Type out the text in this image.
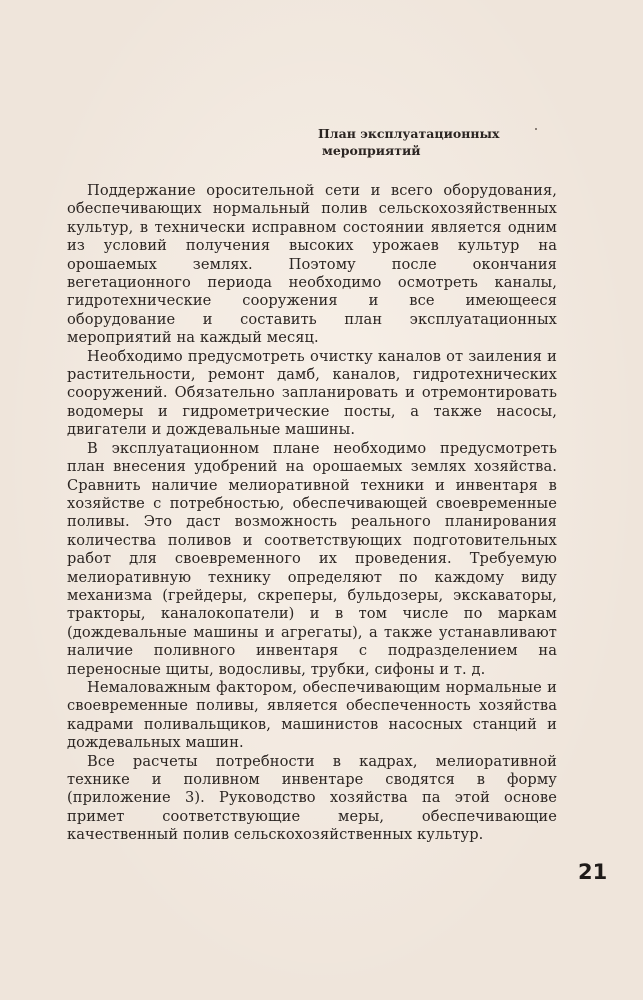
План эксплуатационных
мероприятий

Поддержание оросительной сети и всего оборудования, обеспечивающих нормальный полив сельскохозяйственных культур, в технически исправном состоянии является одним из условий получения высоких урожаев культур на орошаемых землях. Поэтому после окончания вегетационного периода необходимо осмотреть каналы, гидротехнические сооружения и все имеющееся оборудование и составить план эксплуатационных мероприятий на каждый месяц.

Необходимо предусмотреть очистку каналов от заиления и растительности, ремонт дамб, каналов, гидротехнических сооружений. Обязательно запланировать и отремонтировать водомеры и гидрометрические посты, а также насосы, двигатели и дождевальные машины.

В эксплуатационном плане необходимо предусмотреть план внесения удобрений на орошаемых землях хозяйства. Сравнить наличие мелиоративной техники и инвентаря в хозяйстве с потребностью, обеспечивающей своевременные поливы. Это даст возможность реального планирования количества поливов и соответствующих подготовительных работ для своевременного их проведения. Требуемую мелиоративную технику определяют по каждому виду механизма (грейдеры, скреперы, бульдозеры, экскаваторы, тракторы, каналокопатели) и в том числе по маркам (дождевальные машины и агрегаты), а также устанавливают наличие поливного инвентаря с подразделением на переносные щиты, водосливы, трубки, сифоны и т. д.

Немаловажным фактором, обеспечивающим нормальные и своевременные поливы, является обеспеченность хозяйства кадрами поливальщиков, машинистов насосных станций и дождевальных машин.

Все расчеты потребности в кадрах, мелиоративной технике и поливном инвентаре сводятся в форму (приложение 3). Руководство хозяйства па этой основе примет соответствующие меры, обеспечивающие качественный полив сельскохозяйственных культур.

21
